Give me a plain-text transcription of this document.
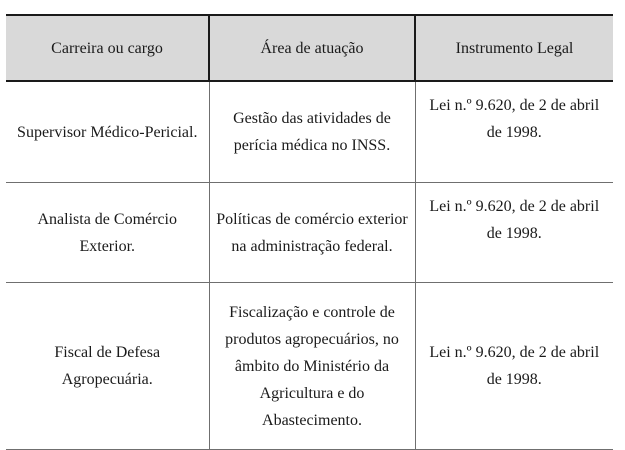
Carreira ou cargo	Área de atuação	Instrumento Legal
Supervisor Médico-Pericial.	Gestão das atividades de perícia médica no INSS.	Lei n.º 9.620, de 2 de abril de 1998.
Analista de Comércio Exterior.	Políticas de comércio exterior na administração federal.	Lei n.º 9.620, de 2 de abril de 1998.
Fiscal de Defesa Agropecuária.	Fiscalização e controle de produtos agropecuários, no âmbito do Ministério da Agricultura e do Abastecimento.	Lei n.º 9.620, de 2 de abril de 1998.
